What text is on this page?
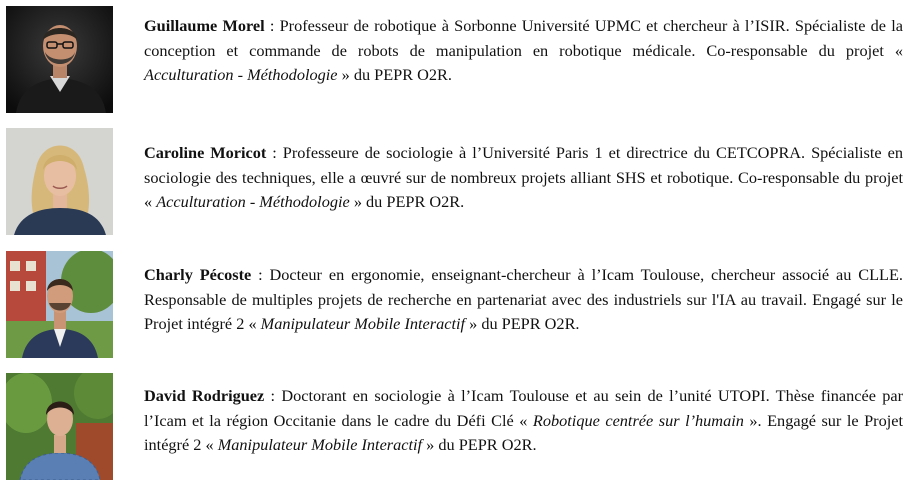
Guillaume Morel : Professeur de robotique à Sorbonne Université UPMC et chercheur à l’ISIR. Spécialiste de la conception et commande de robots de manipulation en robotique médicale. Co-responsable du projet « Acculturation - Méthodologie » du PEPR O2R.
Caroline Moricot : Professeure de sociologie à l’Université Paris 1 et directrice du CETCOPRA. Spécialiste en sociologie des techniques, elle a œuvré sur de nombreux projets alliant SHS et robotique. Co-responsable du projet « Acculturation - Méthodologie » du PEPR O2R.
Charly Pécoste : Docteur en ergonomie, enseignant-chercheur à l’Icam Toulouse, chercheur associé au CLLE. Responsable de multiples projets de recherche en partenariat avec des industriels sur l'IA au travail. Engagé sur le Projet intégré 2 « Manipulateur Mobile Interactif » du PEPR O2R.
David Rodriguez : Doctorant en sociologie à l’Icam Toulouse et au sein de l’unité UTOPI. Thèse financée par l’Icam et la région Occitanie dans le cadre du Défi Clé « Robotique centrée sur l’humain ». Engagé sur le Projet intégré 2 « Manipulateur Mobile Interactif » du PEPR O2R.
